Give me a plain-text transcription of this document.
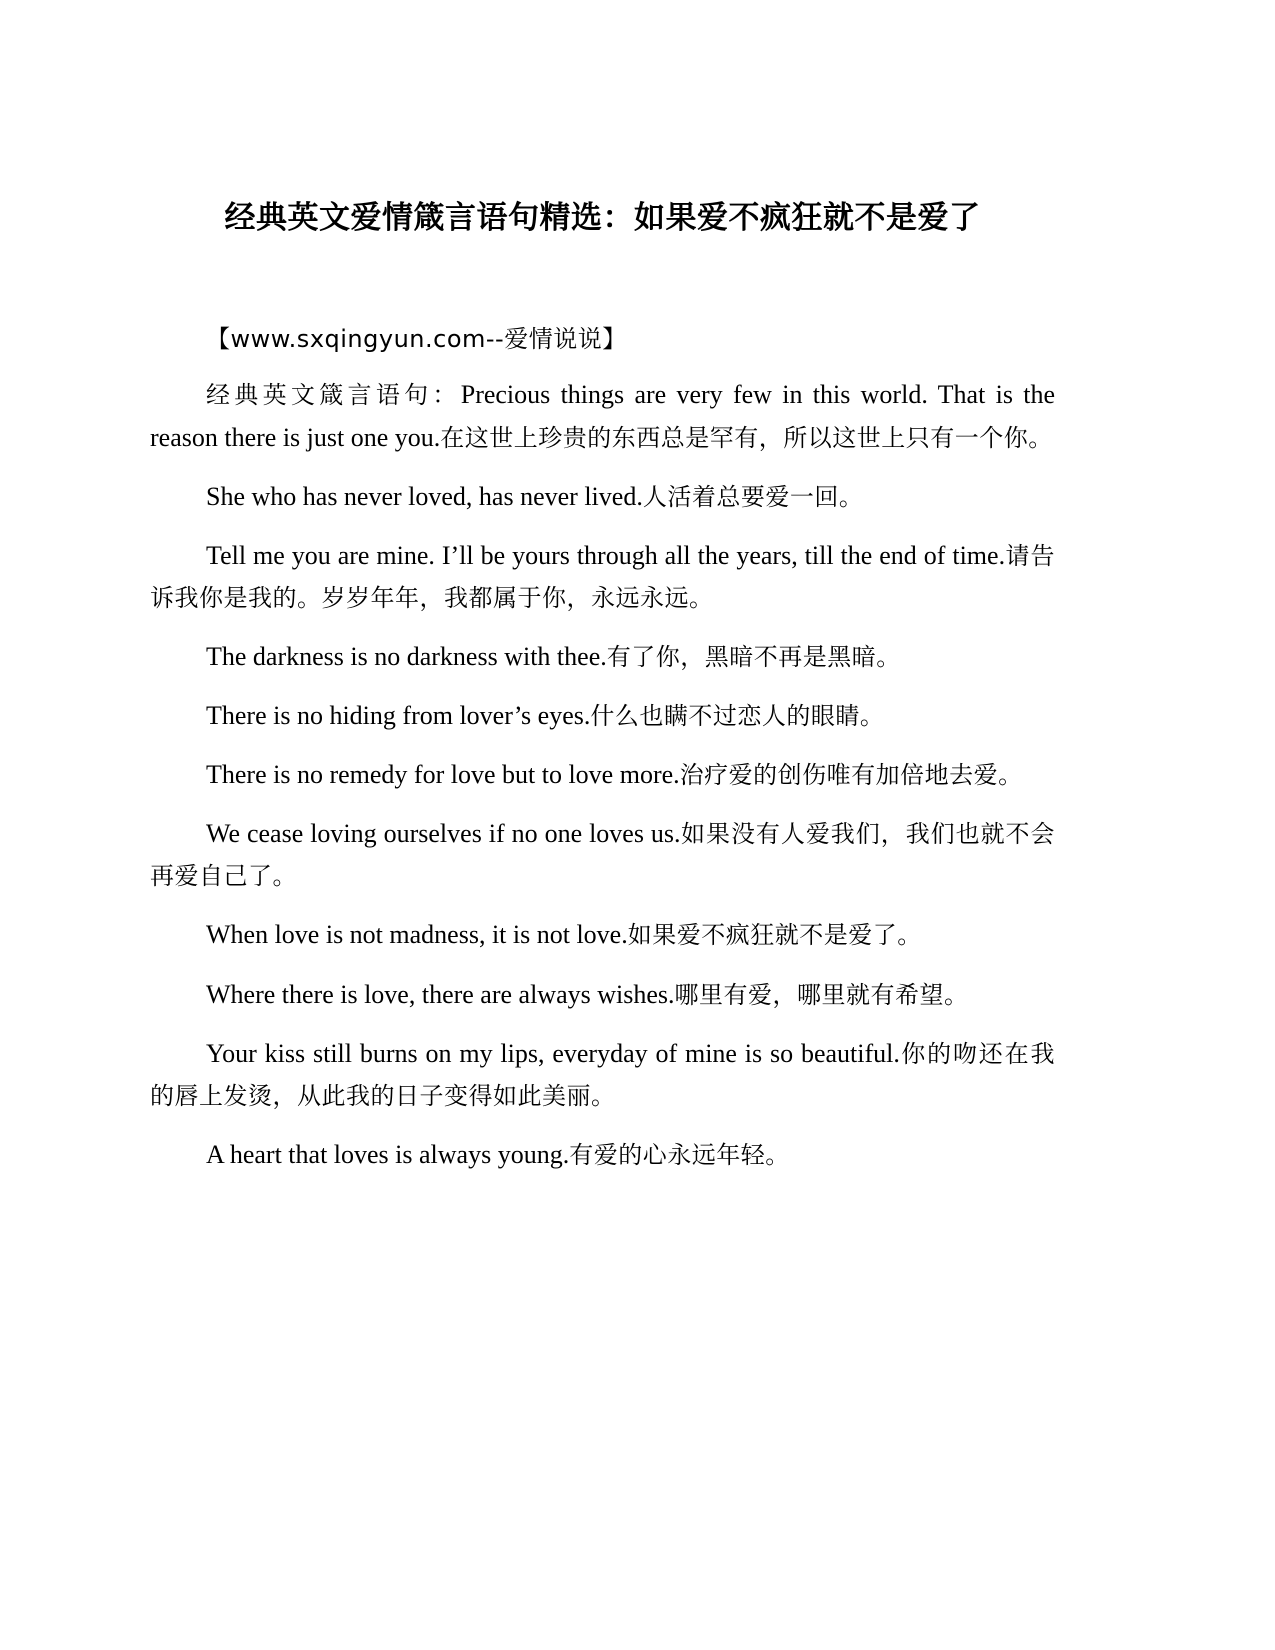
经典英文爱情箴言语句精选：如果爱不疯狂就不是爱了

【www.sxqingyun.com--爱情说说】

经典英文箴言语句：Precious things are very few in this world. That is the reason there is just one you.在这世上珍贵的东西总是罕有，所以这世上只有一个你。

She who has never loved, has never lived.人活着总要爱一回。

Tell me you are mine. I’ll be yours through all the years, till the end of time.请告诉我你是我的。岁岁年年，我都属于你，永远永远。

The darkness is no darkness with thee.有了你，黑暗不再是黑暗。

There is no hiding from lover’s eyes.什么也瞒不过恋人的眼睛。

There is no remedy for love but to love more.治疗爱的创伤唯有加倍地去爱。

We cease loving ourselves if no one loves us.如果没有人爱我们，我们也就不会再爱自己了。

When love is not madness, it is not love.如果爱不疯狂就不是爱了。

Where there is love, there are always wishes.哪里有爱，哪里就有希望。

Your kiss still burns on my lips, everyday of mine is so beautiful.你的吻还在我的唇上发烫，从此我的日子变得如此美丽。

A heart that loves is always young.有爱的心永远年轻。
